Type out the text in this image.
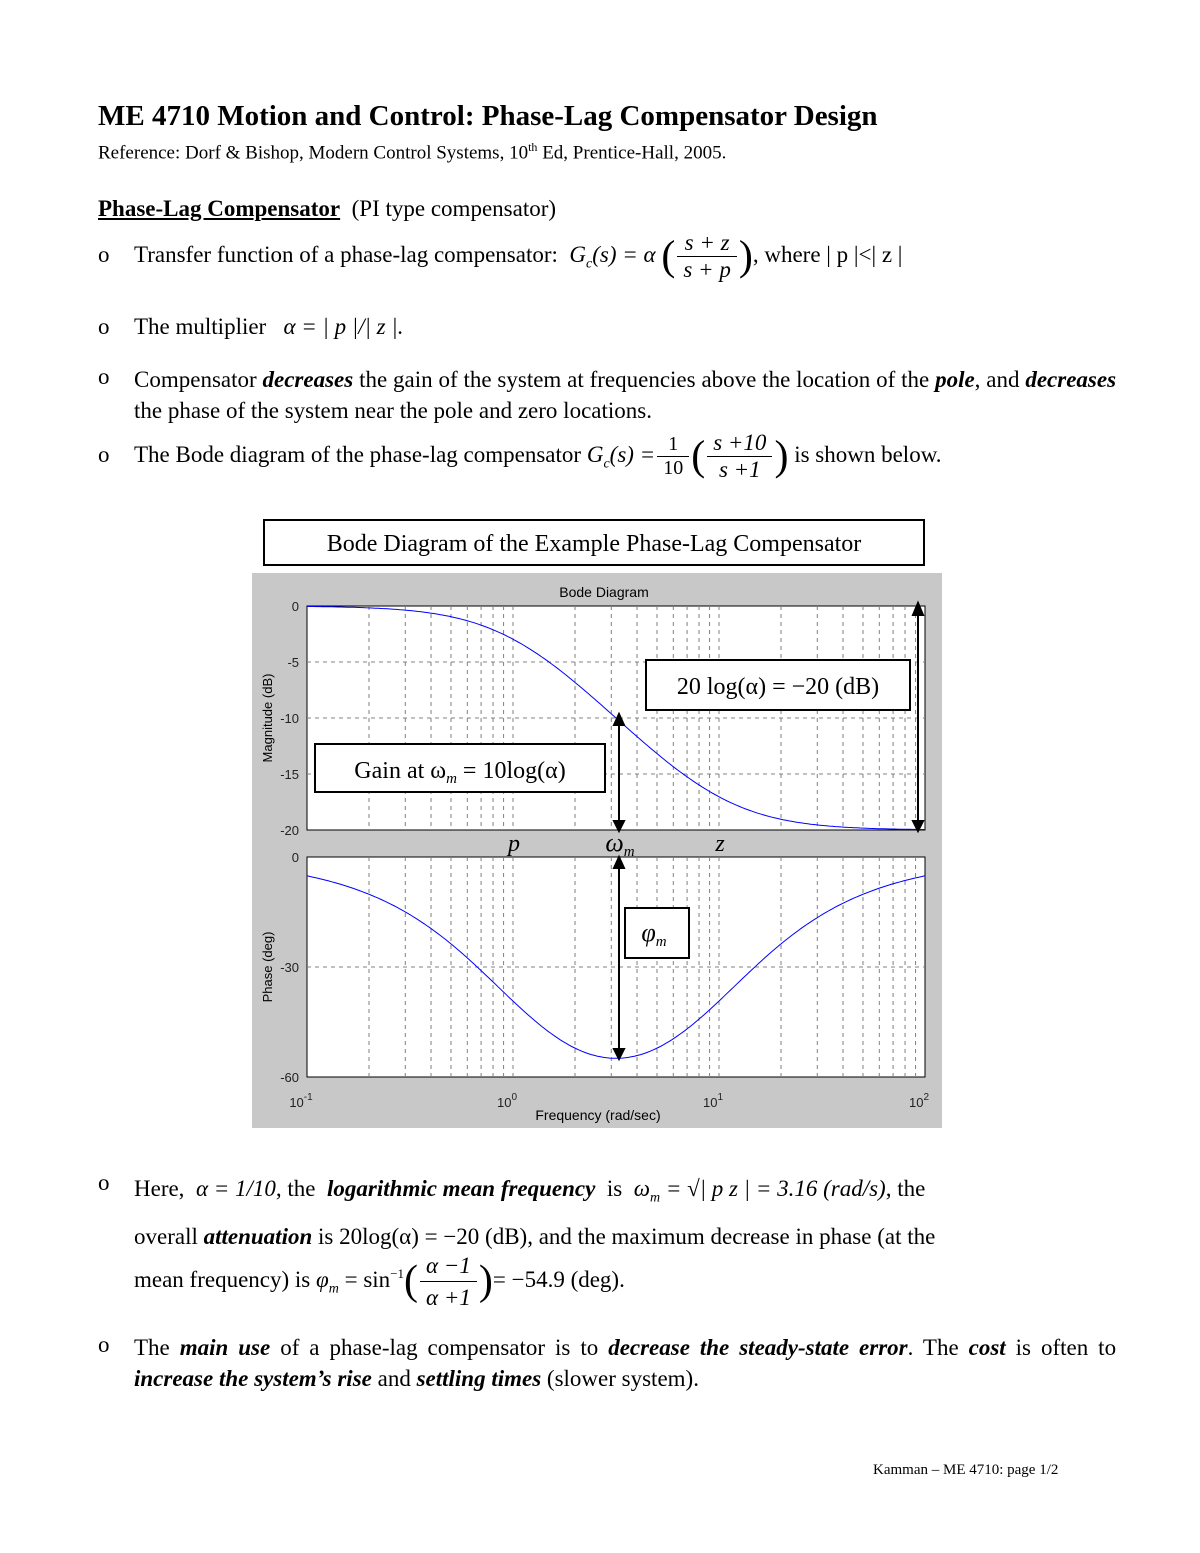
ME 4710 Motion and Control: Phase-Lag Compensator Design
Reference: Dorf & Bishop, Modern Control Systems, 10th Ed, Prentice-Hall, 2005.
Phase-Lag Compensator (PI type compensator)
o Transfer function of a phase-lag compensator: $G_c(s) = \alpha$ ( $\frac{s + z}{s + p}$ ), where | p |<| z |
o The multiplier α = | p |/| z |.
o	Compensator decreases the gain of the system at frequencies above the location of the pole, and decreases the phase of the system near the pole and zero locations.
o The Bode diagram of the phase-lag compensator $G_c(s) = \frac{1}{10}$ ( $\frac{s +10}{s +1}$ ) is shown below.
Bode Diagram of the Example Phase-Lag Compensator
Bode Diagram
Magnitude (dB)
Phase (deg)
Frequency (rad/sec)
0
-5
-10
-15
-20
0
-30
-60
$10^{-1}$	$10^0$	$10^1$	$10^2$
20 log(α) = −20 (dB)
Gain at $\omega_m = 10\log(\alpha)$
φm
p	ωm	z
o	Here, α = 1/10, the logarithmic mean frequency is $\omega_m$ = √| p z | = 3.16 (rad/s), the
overall attenuation is 20log(α) = −20 (dB), and the maximum decrease in phase (at the
mean frequency) is $\varphi_m = \sin^{-1}( \frac{\alpha -1}{\alpha +1}$ )= −54.9 (deg).
o	The main use of a phase-lag compensator is to decrease the steady-state error. The cost is often to increase the system’s rise and settling times (slower system).
Kamman – ME 4710: page 1/2
